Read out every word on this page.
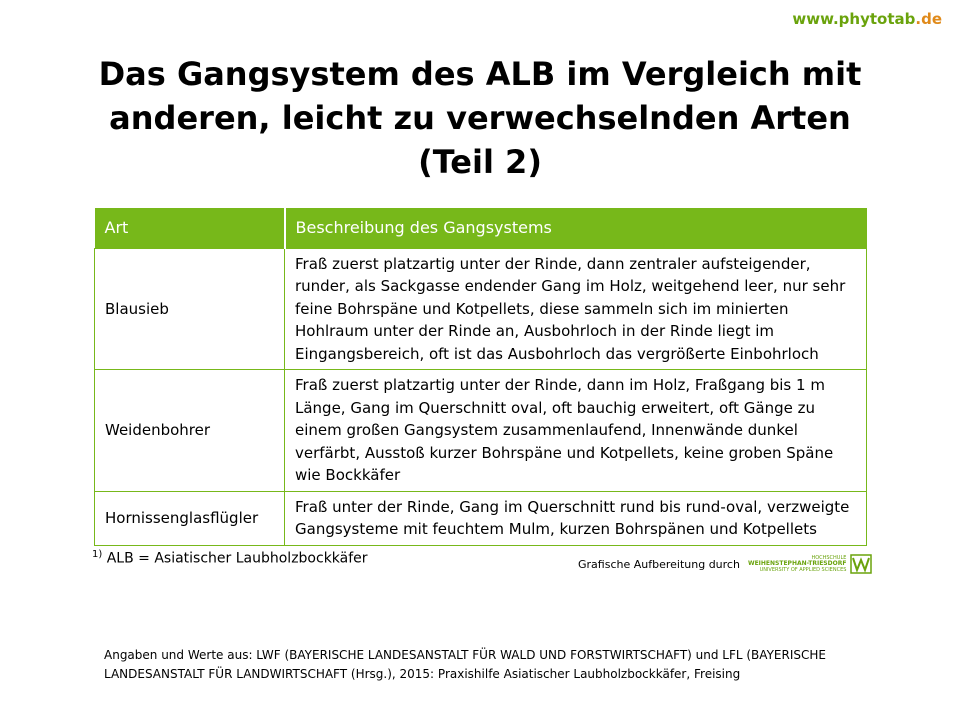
www.phytotab.de
Das Gangsystem des ALB im Vergleich mit
anderen, leicht zu verwechselnden Arten
(Teil 2)
Art	Beschreibung des Gangsystems
Blausieb	Fraß zuerst platzartig unter der Rinde, dann zentraler aufsteigender, runder, als Sackgasse endender Gang im Holz, weitgehend leer, nur sehr feine Bohrspäne und Kotpellets, diese sammeln sich im minierten Hohlraum unter der Rinde an, Ausbohrloch in der Rinde liegt im Eingangsbereich, oft ist das Ausbohrloch das vergrößerte Einbohrloch
Weidenbohrer	Fraß zuerst platzartig unter der Rinde, dann im Holz, Fraßgang bis 1 m Länge, Gang im Querschnitt oval, oft bauchig erweitert, oft Gänge zu einem großen Gangsystem zusammenlaufend, Innenwände dunkel verfärbt, Ausstoß kurzer Bohrspäne und Kotpellets, keine groben Späne wie Bockkäfer
Hornissenglasflügler	Fraß unter der Rinde, Gang im Querschnitt rund bis rund-oval, verzweigte Gangsysteme mit feuchtem Mulm, kurzen Bohrspänen und Kotpellets
$^{1)}$ ALB = Asiatischer Laubholzbockkäfer	Grafische Aufbereitung durch	HOCHSCHULE
WEIHENSTEPHAN-TRIESDORF
UNIVERSITY OF APPLIED SCIENCES
Angaben und Werte aus: LWF (BAYERISCHE LANDESANSTALT FÜR WALD UND FORSTWIRTSCHAFT) und LFL (BAYERISCHE
LANDESANSTALT FÜR LANDWIRTSCHAFT (Hrsg.), 2015: Praxishilfe Asiatischer Laubholzbockkäfer, Freising
